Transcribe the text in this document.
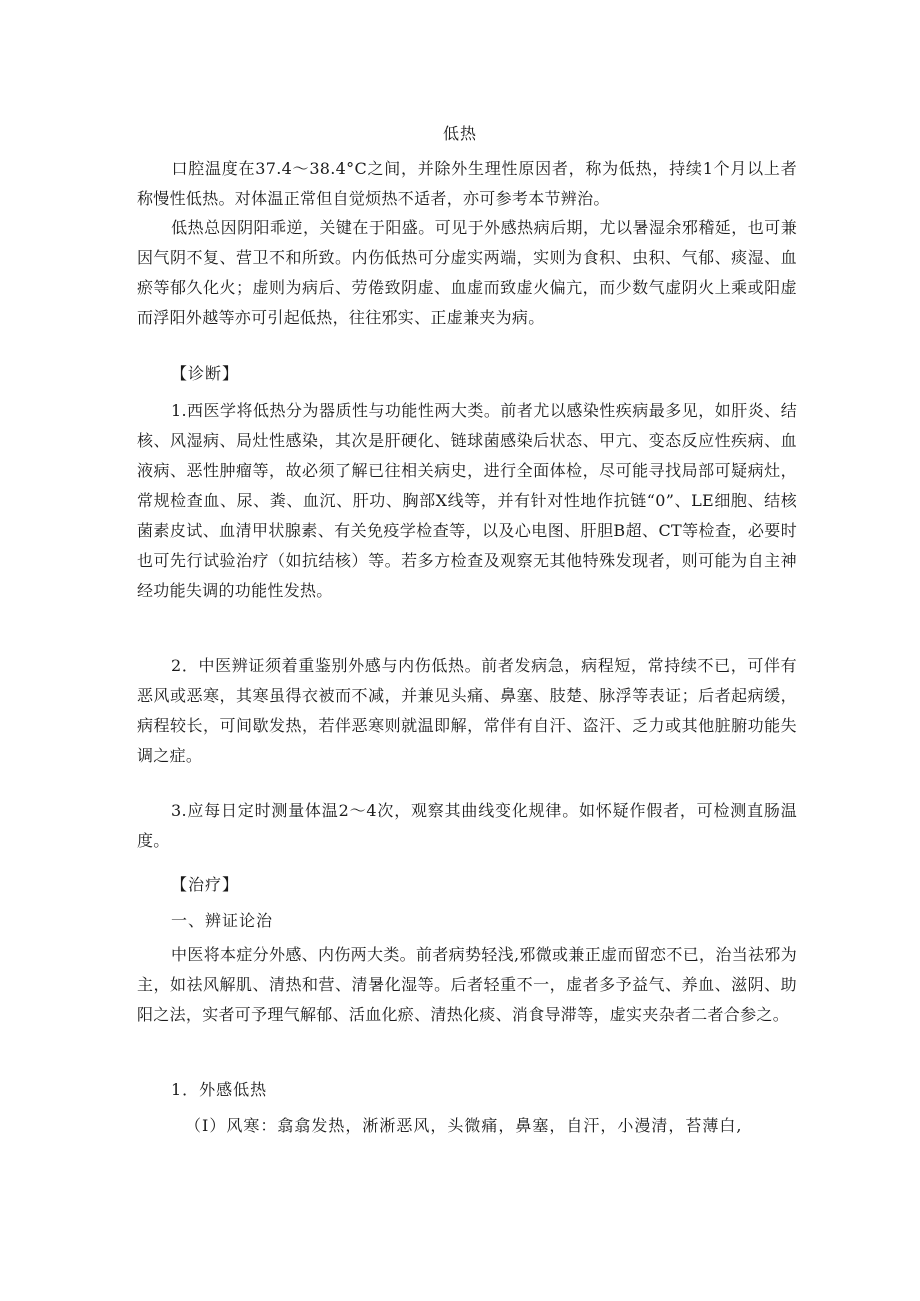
低热
口腔温度在37.4～38.4°C之间，并除外生理性原因者，称为低热，持续1个月以上者称慢性低热。对体温正常但自觉烦热不适者，亦可参考本节辨治。
低热总因阴阳乖逆，关键在于阳盛。可见于外感热病后期，尤以暑湿余邪稽延，也可兼因气阴不复、营卫不和所致。内伤低热可分虚实两端，实则为食积、虫积、气郁、痰湿、血瘀等郁久化火；虚则为病后、劳倦致阴虚、血虚而致虚火偏亢，而少数气虚阴火上乘或阳虚而浮阳外越等亦可引起低热，往往邪实、正虚兼夹为病。
【诊断】
1.西医学将低热分为器质性与功能性两大类。前者尤以感染性疾病最多见，如肝炎、结核、风湿病、局灶性感染，其次是肝硬化、链球菌感染后状态、甲亢、变态反应性疾病、血液病、恶性肿瘤等，故必须了解已往相关病史，进行全面体检，尽可能寻找局部可疑病灶，常规检查血、尿、粪、血沉、肝功、胸部X线等，并有针对性地作抗链“0”、LE细胞、结核菌素皮试、血清甲状腺素、有关免疫学检查等，以及心电图、肝胆B超、CT等检查，必要时也可先行试验治疗（如抗结核）等。若多方检查及观察无其他特殊发现者，则可能为自主神经功能失调的功能性发热。
2．中医辨证须着重鉴别外感与内伤低热。前者发病急，病程短，常持续不已，可伴有恶风或恶寒，其寒虽得衣被而不减，并兼见头痛、鼻塞、肢楚、脉浮等表证；后者起病缓，病程较长，可间歇发热，若伴恶寒则就温即解，常伴有自汗、盗汗、乏力或其他脏腑功能失调之症。
3.应每日定时测量体温2～4次，观察其曲线变化规律。如怀疑作假者，可检测直肠温度。
【治疗】
一、辨证论治
中医将本症分外感、内伤两大类。前者病势轻浅,邪微或兼正虚而留恋不已，治当祛邪为主，如祛风解肌、清热和营、清暑化湿等。后者轻重不一，虚者多予益气、养血、滋阴、助阳之法，实者可予理气解郁、活血化瘀、清热化痰、消食导滞等，虚实夹杂者二者合参之。
1．外感低热
（I）风寒：翕翕发热，淅淅恶风，头微痛，鼻塞，自汗，小漫清，苔薄白,
